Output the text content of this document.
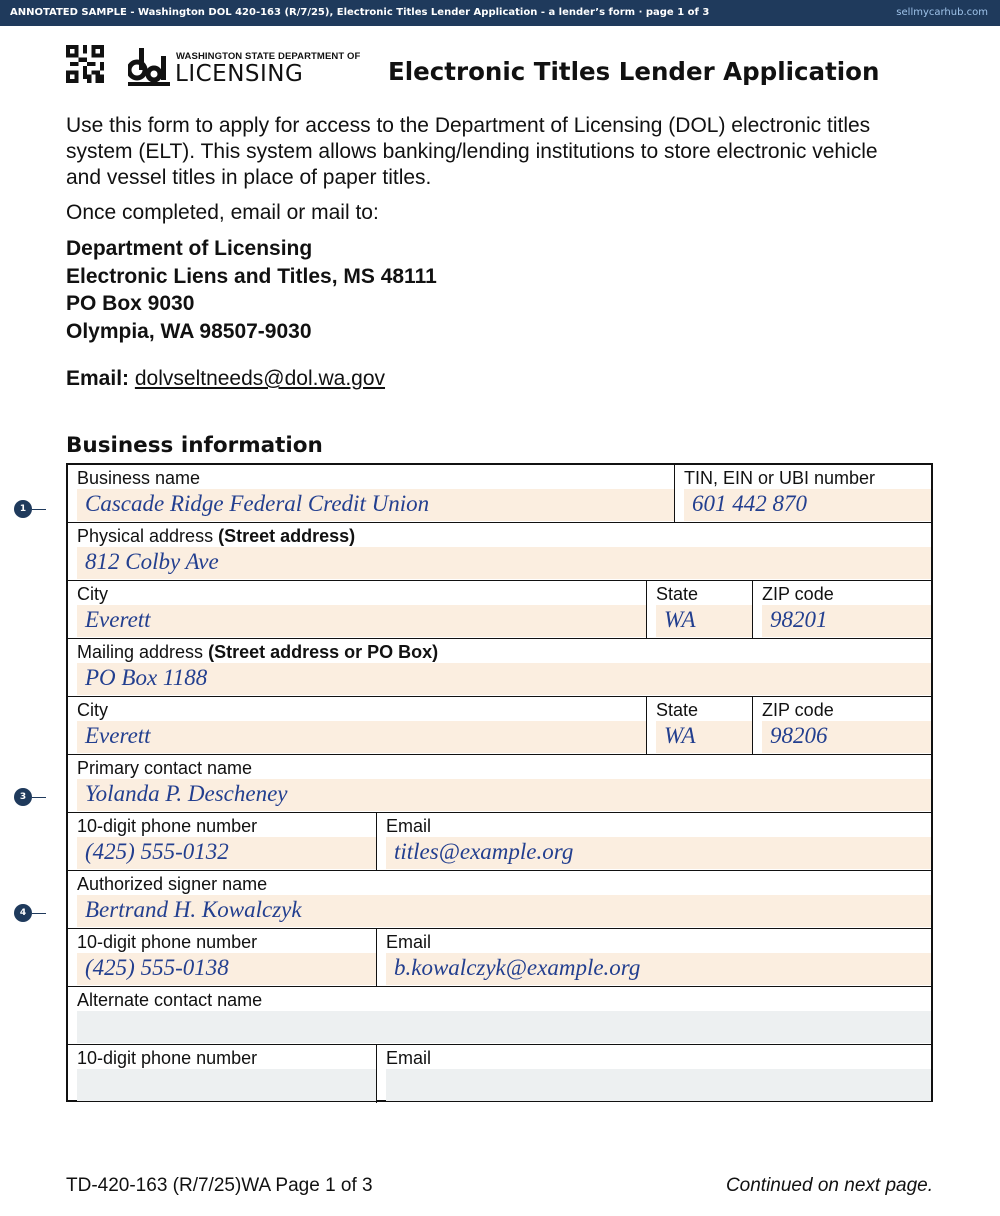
ANNOTATED SAMPLE - Washington DOL 420-163 (R/7/25), Electronic Titles Lender Application - a lender’s form · page 1 of 3	sellmycarhub.com
WASHINGTON STATE DEPARTMENT OF
LICENSING	Electronic Titles Lender Application

Use this form to apply for access to the Department of Licensing (DOL) electronic titles system (ELT). This system allows banking/lending institutions to store electronic vehicle and vessel titles in place of paper titles.

Once completed, email or mail to:

Department of Licensing
Electronic Liens and Titles, MS 48111
PO Box 9030
Olympia, WA 98507-9030

Email: dolvseltneeds@dol.wa.gov

Business information
Business name
Cascade Ridge Federal Credit Union
TIN, EIN or UBI number
601 442 870
Physical address (Street address)
812 Colby Ave
City
Everett
State
WA
ZIP code
98201
Mailing address (Street address or PO Box)
PO Box 1188
City
Everett
State
WA
ZIP code
98206
Primary contact name
Yolanda P. Descheney
10-digit phone number
(425) 555-0132
Email
titles@example.org
Authorized signer name
Bertrand H. Kowalczyk
10-digit phone number
(425) 555-0138
Email
b.kowalczyk@example.org
Alternate contact name
10-digit phone number	Email
1
3
4
TD-420-163 (R/7/25)WA Page 1 of 3	Continued on next page.
